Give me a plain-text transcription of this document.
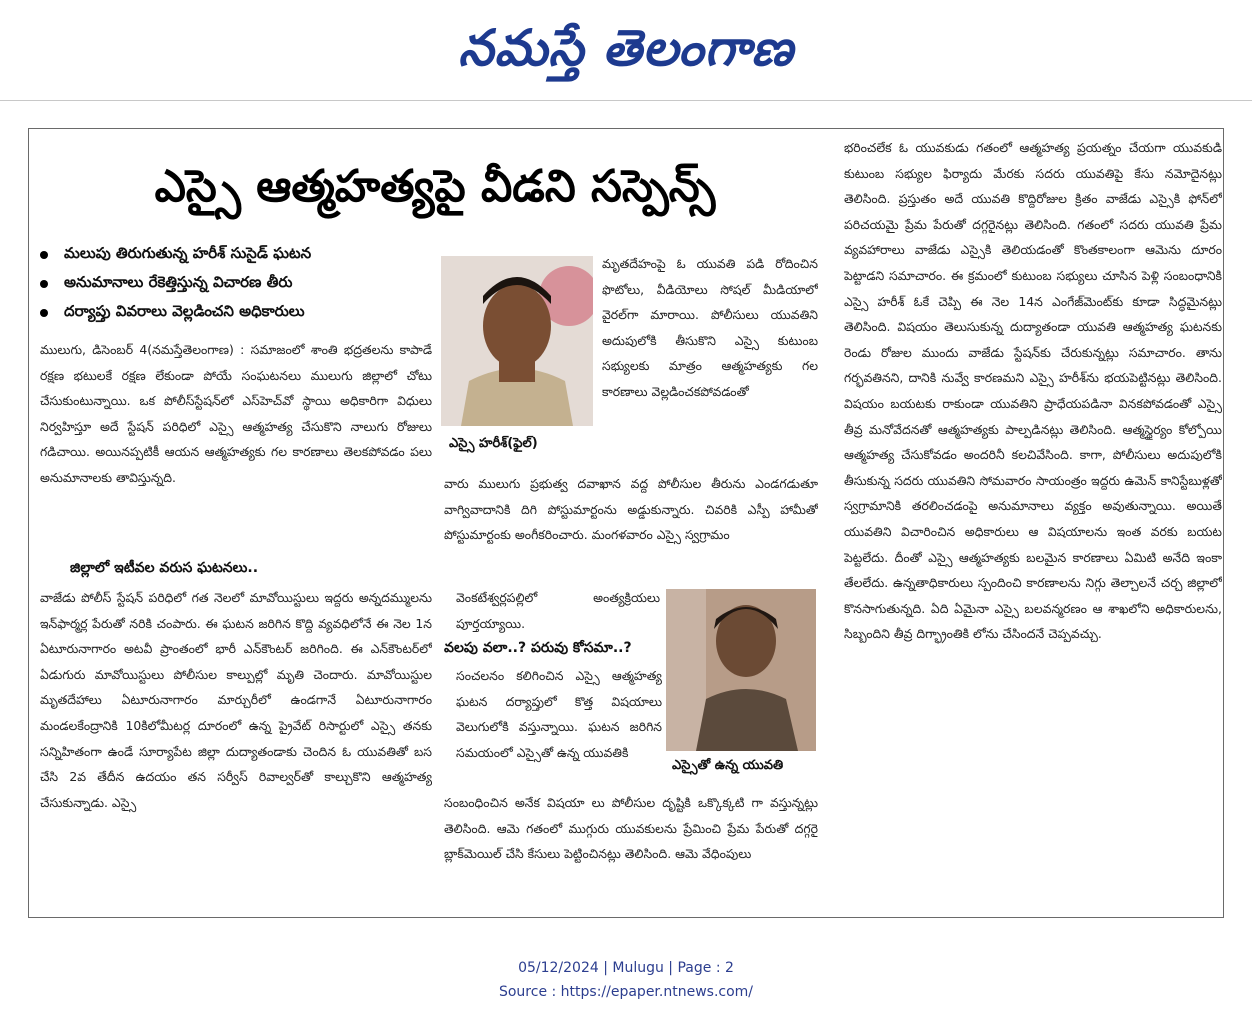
నమస్తే తెలంగాణ
ఎస్సై ఆత్మహత్యపై వీడని సస్పెన్స్
మలుపు తిరుగుతున్న హరీశ్ సుసైడ్ ఘటన
అనుమానాలు రేకెత్తిస్తున్న విచారణ తీరు
దర్యాప్తు వివరాలు వెల్లడించని అధికారులు

ములుగు, డిసెంబర్ 4(నమస్తేతెలంగాణ) : సమాజంలో శాంతి భద్రతలను కాపాడే రక్షణ భటులకే రక్షణ లేకుండా పోయే సంఘటనలు ములుగు జిల్లాలో చోటు చేసుకుంటున్నాయి. ఒక పోలీస్‌స్టేషన్‌లో ఎస్‌హెచ్‌వో స్థాయి అధికారిగా విధులు నిర్వహిస్తూ అదే స్టేషన్ పరిధిలో ఎస్సై ఆత్మహత్య చేసుకొని నాలుగు రోజులు గడిచాయి. అయినప్పటికీ ఆయన ఆత్మహత్యకు గల కారణాలు తెలకపోవడం పలు అనుమానాలకు తావిస్తున్నది.

వాజేడు పోలీస్ స్టేషన్ పరిధిలో గత నెలలో మావోయిస్టులు ఇద్దరు అన్నదమ్ములను ఇన్‌ఫార్మర్ల పేరుతో నరికి చంపారు. ఈ ఘటన జరిగిన కొద్ది వ్యవధిలోనే ఈ నెల 1న ఏటూరునాగారం అటవీ ప్రాంతంలో భారీ ఎన్‌కౌంటర్ జరిగింది. ఈ ఎన్‌కౌంటర్‌లో ఏడుగురు మావోయిస్టులు పోలీసుల కాల్పుల్లో మృతి చెందారు. మావోయిస్టుల మృతదేహాలు ఏటూరునాగారం మార్చురీలో ఉండగానే ఏటూరునాగారం మండలకేంద్రానికి 10కిలోమీటర్ల దూరంలో ఉన్న ప్రైవేట్ రిసార్టులో ఎస్సై తనకు సన్నిహితంగా ఉండే సూర్యాపేట జిల్లా దుద్యాతండాకు చెందిన ఓ యువతితో బస చేసి 2వ తేదీన ఉదయం తన సర్వీస్ రివాల్వర్‌తో కాల్చుకొని ఆత్మహత్య చేసుకున్నాడు. ఎస్సై

జిల్లాలో ఇటీవల వరుస ఘటనలు..
ఎస్సై హరీశ్(ఫైల్)
మృతదేహంపై ఓ యువతి పడి రోదించిన ఫొటోలు, వీడియోలు సోషల్ మీడియాలో వైరల్‌గా మారాయి. పోలీసులు యువతిని అదుపులోకి తీసుకొని ఎస్సై కుటుంబ సభ్యులకు మాత్రం ఆత్మహత్యకు గల కారణాలు వెల్లడించకపోవడంతో
వారు ములుగు ప్రభుత్వ దవాఖాన వద్ద పోలీసుల తీరును ఎండగడుతూ వాగ్వివాదానికి దిగి పోస్టుమార్టంను అడ్డుకున్నారు. చివరికి ఎస్పీ హామీతో పోస్టుమార్టంకు అంగీకరించారు. మంగళవారం ఎస్సై స్వగ్రామం
వెంకటేశ్వర్లపల్లిలో అంత్యక్రియలు పూర్తయ్యాయి.
వలపు వలా..? పరువు కోసమా..?
సంచలనం కలిగించిన ఎస్సై ఆత్మహత్య ఘటన దర్యాప్తులో కొత్త విషయాలు వెలుగులోకి వస్తున్నాయి. ఘటన జరిగిన సమయంలో ఎస్సైతో ఉన్న యువతికి
సంబంధించిన అనేక విషయా లు పోలీసుల దృష్టికి ఒక్కొక్కటి గా వస్తున్నట్లు తెలిసింది. ఆమె గతంలో ముగ్గురు యువకులను ప్రేమించి ప్రేమ పేరుతో దగ్గరై బ్లాక్‌మెయిల్ చేసి కేసులు పెట్టించినట్లు తెలిసింది. ఆమె వేధింపులు
ఎస్సైతో ఉన్న యువతి
భరించలేక ఓ యువకుడు గతంలో ఆత్మహత్య ప్రయత్నం చేయగా యువకుడి కుటుంబ సభ్యుల ఫిర్యాదు మేరకు సదరు యువతిపై కేసు నమోదైనట్లు తెలిసింది. ప్రస్తుతం అదే యువతి కొద్దిరోజుల క్రితం వాజేడు ఎస్సైకి ఫోన్‌లో పరిచయమై ప్రేమ పేరుతో దగ్గరైనట్లు తెలిసింది. గతంలో సదరు యువతి ప్రేమ వ్యవహారాలు వాజేడు ఎస్సైకి తెలియడంతో కొంతకాలంగా ఆమెను దూరం పెట్టాడని సమాచారం. ఈ క్రమంలో కుటుంబ సభ్యులు చూసిన పెళ్లి సంబంధానికి ఎస్సై హరీశ్ ఓకే చెప్పి ఈ నెల 14న ఎంగేజ్‌మెంట్‌కు కూడా సిద్ధమైనట్లు తెలిసింది. విషయం తెలుసుకున్న దుద్యాతండా యువతి ఆత్మహత్య ఘటనకు రెండు రోజుల ముందు వాజేడు స్టేషన్‌కు చేరుకున్నట్లు సమాచారం. తాను గర్భవతినని, దానికి నువ్వే కారణమని ఎస్సై హరీశ్‌ను భయపెట్టినట్లు తెలిసింది. విషయం బయటకు రాకుండా యువతిని ప్రాధేయపడినా వినకపోవడంతో ఎస్సై తీవ్ర మనోవేదనతో ఆత్మహత్యకు పాల్పడినట్లు తెలిసింది. ఆత్మస్థైర్యం కోల్పోయి ఆత్మహత్య చేసుకోవడం అందరినీ కలచివేసింది. కాగా, పోలీసులు అదుపులోకి తీసుకున్న సదరు యువతిని సోమవారం సాయంత్రం ఇద్దరు ఉమెన్ కానిస్టేబుళ్లతో స్వగ్రామానికి తరలించడంపై అనుమానాలు వ్యక్తం అవుతున్నాయి. అయితే యువతిని విచారించిన అధికారులు ఆ విషయాలను ఇంత వరకు బయట పెట్టలేదు. దీంతో ఎస్సై ఆత్మహత్యకు బలమైన కారణాలు ఏమిటి అనేది ఇంకా తేలలేదు. ఉన్నతాధికారులు స్పందించి కారణాలను నిగ్గు తెల్చాలనే చర్చ జిల్లాలో కొనసాగుతున్నది. ఏది ఏమైనా ఎస్సై బలవన్మరణం ఆ శాఖలోని అధికారులను, సిబ్బందిని తీవ్ర దిగ్భ్రాంతికి లోను చేసిందనే చెప్పవచ్చు.
05/12/2024 | Mulugu | Page : 2
Source : https://epaper.ntnews.com/
